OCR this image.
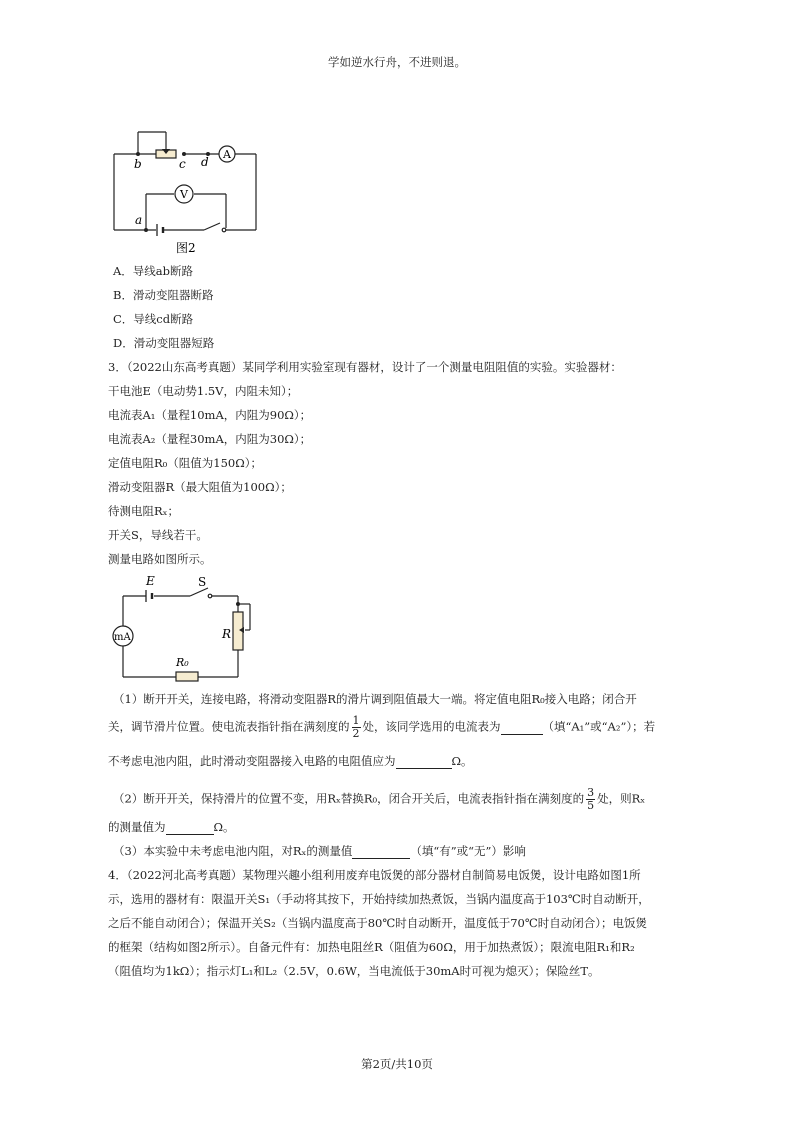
学如逆水行舟，不进则退。
b	c d
a
A
V
图2
A．导线ab断路
B．滑动变阻器断路
C．导线cd断路
D．滑动变阻器短路
3．（2022山东高考真题）某同学利用实验室现有器材，设计了一个测量电阻阻值的实验。实验器材：
干电池E（电动势1.5V，内阻未知）；
电流表A₁（量程10mA，内阻为90Ω）；
电流表A₂（量程30mA，内阻为30Ω）；
定值电阻R₀（阻值为150Ω）；
滑动变阻器R（最大阻值为100Ω）；
待测电阻Rₓ；
开关S，导线若干。
测量电路如图所示。
E	S
mA	R
R₀
（1）断开开关，连接电路，将滑动变阻器R的滑片调到阻值最大一端。将定值电阻R₀接入电路；闭合开
关，调节滑片位置。使电流表指针指在满刻度的 $\frac{1}{2}$ 处，该同学选用的电流表为	（填“A₁”或“A₂”）；若
不考虑电池内阻，此时滑动变阻器接入电路的电阻值应为	Ω。
（2）断开开关，保持滑片的位置不变，用Rₓ替换R₀，闭合开关后，电流表指针指在满刻度的 $\frac{3}{5}$ 处，则Rₓ
的测量值为	Ω。
（3）本实验中未考虑电池内阻，对Rₓ的测量值	（填“有”或“无”）影响
4．（2022河北高考真题）某物理兴趣小组利用废弃电饭煲的部分器材自制简易电饭煲，设计电路如图1所
示，选用的器材有：限温开关S₁（手动将其按下，开始持续加热煮饭，当锅内温度高于103℃时自动断开，
之后不能自动闭合）；保温开关S₂（当锅内温度高于80℃时自动断开，温度低于70℃时自动闭合）；电饭煲
的框架（结构如图2所示）。自备元件有：加热电阻丝R（阻值为60Ω，用于加热煮饭）；限流电阻R₁和R₂
（阻值均为1kΩ）；指示灯L₁和L₂（2.5V，0.6W，当电流低于30mA时可视为熄灭）；保险丝T。
第2页/共10页
